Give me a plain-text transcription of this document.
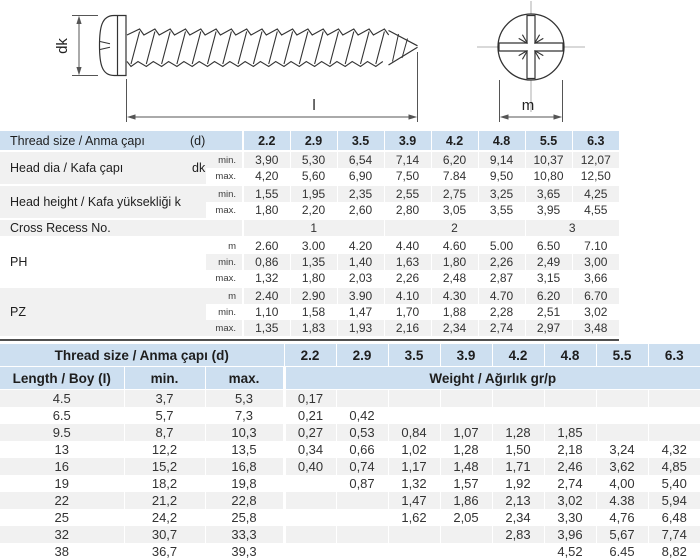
dk
l	m
Thread size / Anma çapı (d)		2.2	2.9	3.5	3.9	4.2	4.8	5.5	6.3
Head dia / Kafa çapı dk	min.	3,90	5,30	6,54	7,14	6,20	9,14	10,37	12,07
	max.	4,20	5,60	6,90	7,50	7.84	9,50	10,80	12,50
Head height / Kafa yüksekliği k	min.	1,55	1,95	2,35	2,55	2,75	3,25	3,65	4,25
	max.	1,80	2,20	2,60	2,80	3,05	3,55	3,95	4,55
Cross Recess No.		1			2			3	
PH	m	2.60	3.00	4.20	4.40	4.60	5.00	6.50	7.10
	min.	0,86	1,35	1,40	1,63	1,80	2,26	2,49	3,00
	max.	1,32	1,80	2,03	2,26	2,48	2,87	3,15	3,66
PZ	m	2.40	2.90	3.90	4.10	4.30	4.70	6.20	6.70
	min.	1,10	1,58	1,47	1,70	1,88	2,28	2,51	3,02
	max.	1,35	1,83	1,93	2,16	2,34	2,74	2,97	3,48
Thread size / Anma çapı (d)			2.2	2.9	3.5	3.9	4.2	4.8	5.5	6.3
Length / Boy (I)	min.	max.	Weight / Ağırlık gr/p							
4.5	3,7	5,3	0,17							
6.5	5,7	7,3	0,21	0,42						
9.5	8,7	10,3	0,27	0,53	0,84	1,07	1,28	1,85		
13	12,2	13,5	0,34	0,66	1,02	1,28	1,50	2,18	3,24	4,32
16	15,2	16,8	0,40	0,74	1,17	1,48	1,71	2,46	3,62	4,85
19	18,2	19,8		0,87	1,32	1,57	1,92	2,74	4,00	5,40
22	21,2	22,8			1,47	1,86	2,13	3,02	4.38	5,94
25	24,2	25,8			1,62	2,05	2,34	3,30	4,76	6,48
32	30,7	33,3					2,83	3,96	5,67	7,74
38	36,7	39,3						4,52	6.45	8,82
